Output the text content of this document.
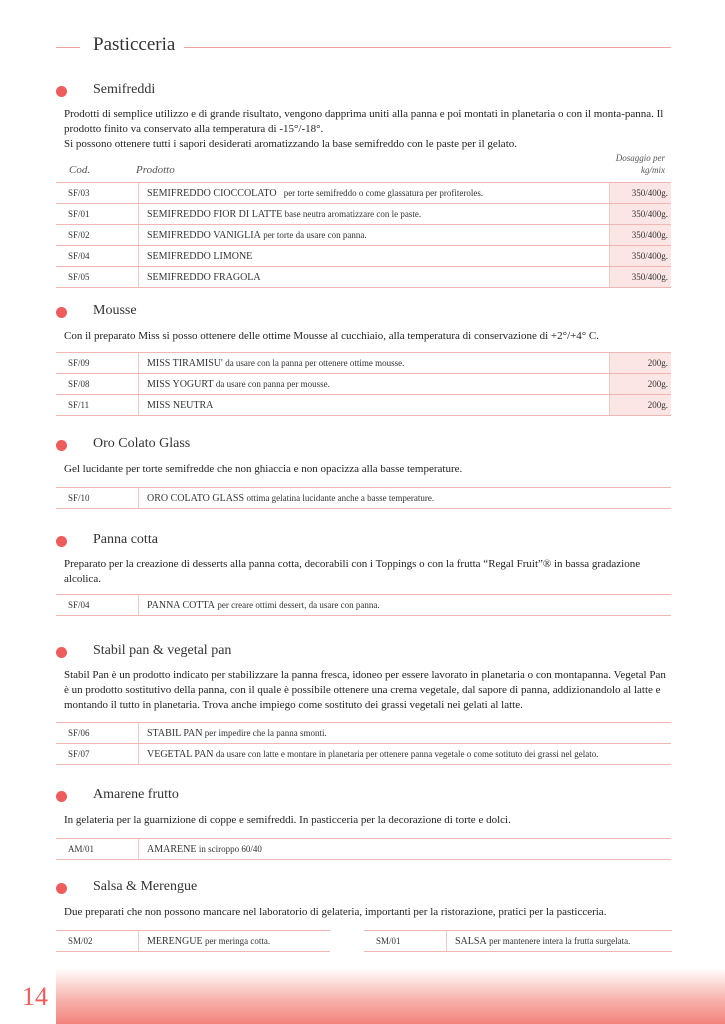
Pasticceria
Semifreddi
Prodotti di semplice utilizzo e di grande risultato, vengono dapprima uniti alla panna e poi montati in planetaria o con il monta-panna. Il prodotto finito va conservato alla temperatura di -15°/-18°.
Si possono ottenere tutti i sapori desiderati aromatizzando la base semifreddo con le paste per il gelato.
Cod.	Prodotto
Dosaggio per kg/mix
SF/03	SEMIFREDDO CIOCCOLATO per torte semifreddo o come glassatura per profiteroles.	350/400g.
SF/01	SEMIFREDDO FIOR DI LATTE base neutra aromatizzare con le paste.	350/400g.
SF/02	SEMIFREDDO VANIGLIA per torte da usare con panna.	350/400g.
SF/04	SEMIFREDDO LIMONE	350/400g.
SF/05	SEMIFREDDO FRAGOLA	350/400g.
Mousse
Con il preparato Miss si posso ottenere delle ottime Mousse al cucchiaio, alla temperatura di conservazione di +2°/+4° C.
SF/09	MISS TIRAMISU' da usare con la panna per ottenere ottime mousse.	200g.
SF/08	MISS YOGURT da usare con panna per mousse.	200g.
SF/11	MISS NEUTRA	200g.
Oro Colato Glass
Gel lucidante per torte semifredde che non ghiaccia e non opacizza alla basse temperature.
SF/10	ORO COLATO GLASS ottima gelatina lucidante anche a basse temperature.
Panna cotta
Preparato per la creazione di desserts alla panna cotta, decorabili con i Toppings o con la frutta “Regal Fruit”® in bassa gradazione alcolica.
SF/04	PANNA COTTA per creare ottimi dessert, da usare con panna.
Stabil pan & vegetal pan
Stabil Pan è un prodotto indicato per stabilizzare la panna fresca, idoneo per essere lavorato in planetaria o con montapanna. Vegetal Pan è un prodotto sostitutivo della panna, con il quale è possibile ottenere una crema vegetale, dal sapore di panna, addizionandolo al latte e montando il tutto in planetaria. Trova anche impiego come sostituto dei grassi vegetali nei gelati al latte.
SF/06	STABIL PAN per impedire che la panna smonti.
SF/07	VEGETAL PAN da usare con latte e montare in planetaria per ottenere panna vegetale o come sotituto dei grassi nel gelato.
Amarene frutto
In gelateria per la guarnizione di coppe e semifreddi. In pasticceria per la decorazione di torte e dolci.
AM/01	AMARENE in sciroppo 60/40
Salsa & Merengue
Due preparati che non possono mancare nel laboratorio di gelateria, importanti per la ristorazione, pratici per la pasticceria.
SM/02	MERENGUE per meringa cotta.	SM/01	SALSA per mantenere intera la frutta surgelata.
14
